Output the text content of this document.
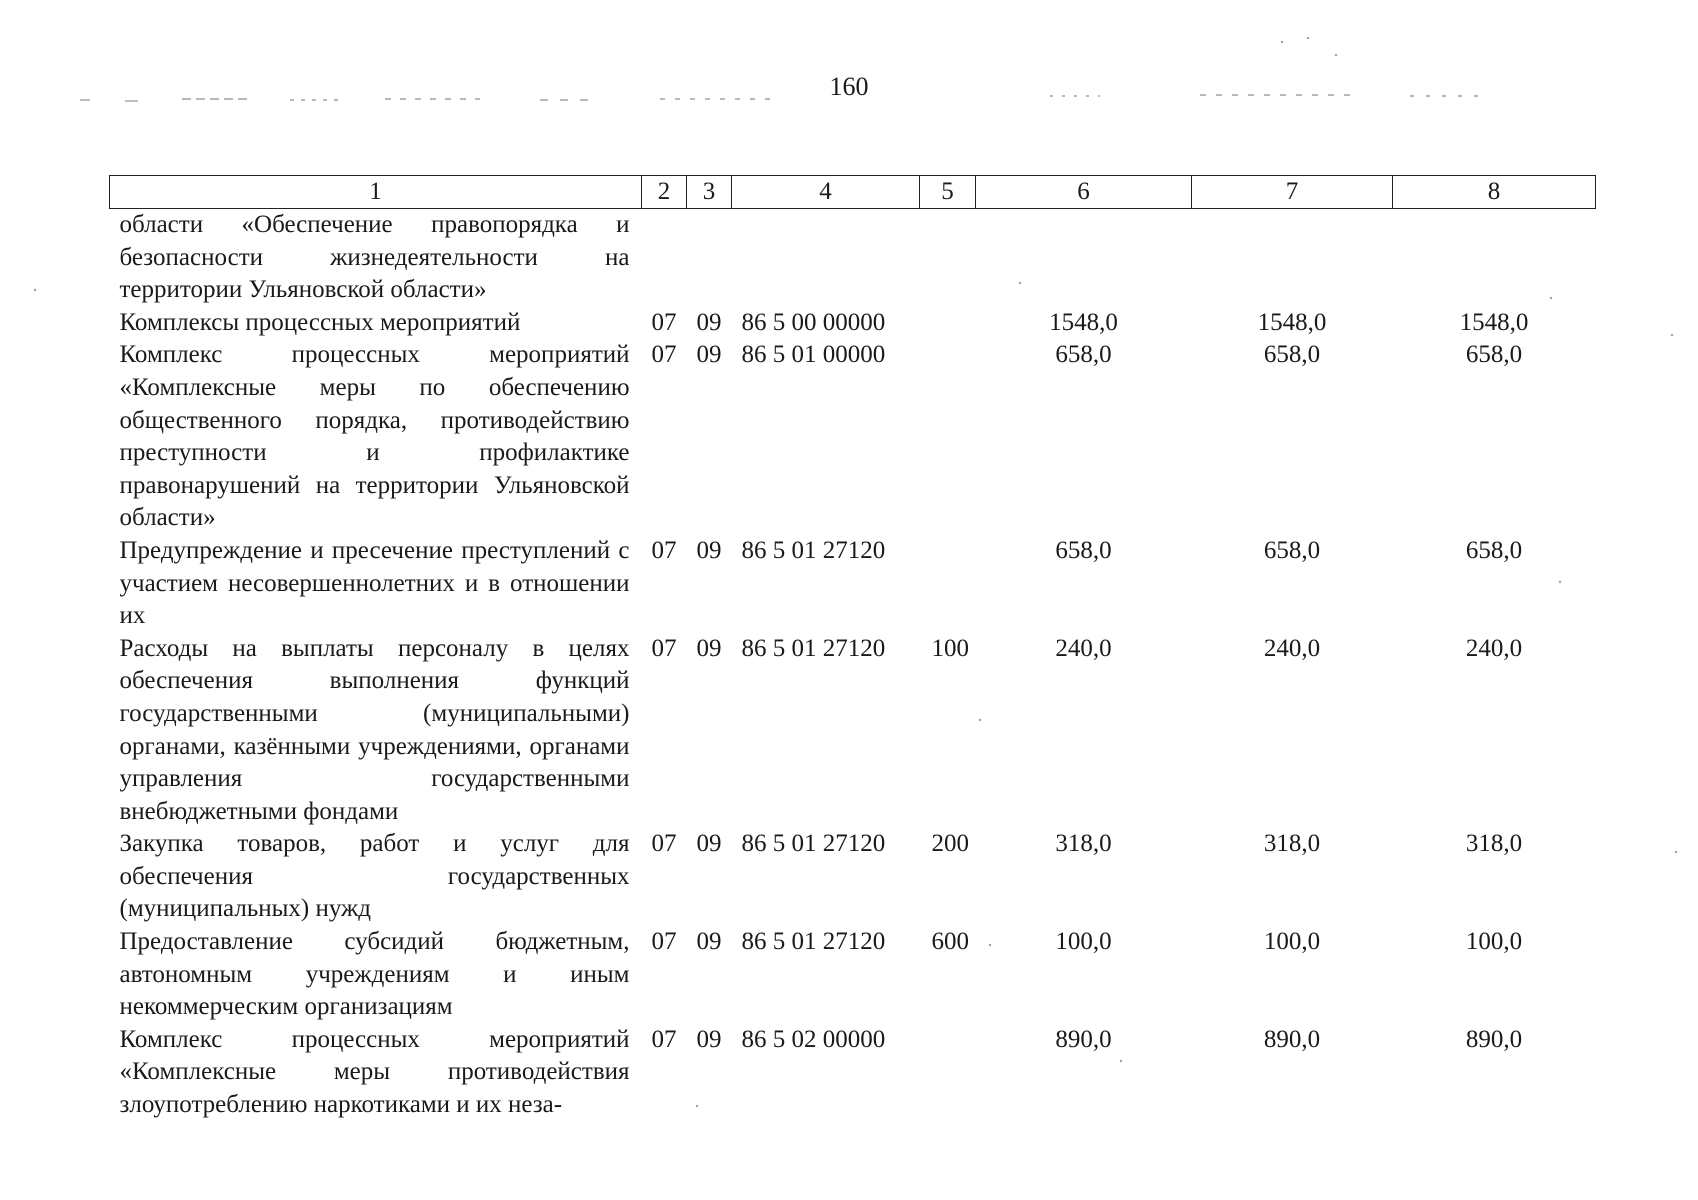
160
1	2	3	4	5	6	7	8
области «Обеспечение правопорядка и безопасности жизнедеятельности на территории Ульяновской области»							
Комплексы процессных мероприятий	07	09	86 5 00 00000		1548,0	1548,0	1548,0
Комплекс процессных мероприятий «Комплексные меры по обеспечению общественного порядка, противодействию преступности и профилактике правонарушений на территории Ульяновской области»	07	09	86 5 01 00000		658,0	658,0	658,0
Предупреждение и пресечение преступлений с участием несовершеннолетних и в отношении их	07	09	86 5 01 27120		658,0	658,0	658,0
Расходы на выплаты персоналу в целях обеспечения выполнения функций государственными (муниципальными) органами, казёнными учреждениями, органами управления государственными внебюджетными фондами	07	09	86 5 01 27120	100	240,0	240,0	240,0
Закупка товаров, работ и услуг для обеспечения государственных (муниципальных) нужд	07	09	86 5 01 27120	200	318,0	318,0	318,0
Предоставление субсидий бюджетным, автономным учреждениям и иным некоммерческим организациям	07	09	86 5 01 27120	600	100,0	100,0	100,0
Комплекс процессных мероприятий «Комплексные меры противодействия злоупотреблению наркотиками и их неза-	07	09	86 5 02 00000		890,0	890,0	890,0
